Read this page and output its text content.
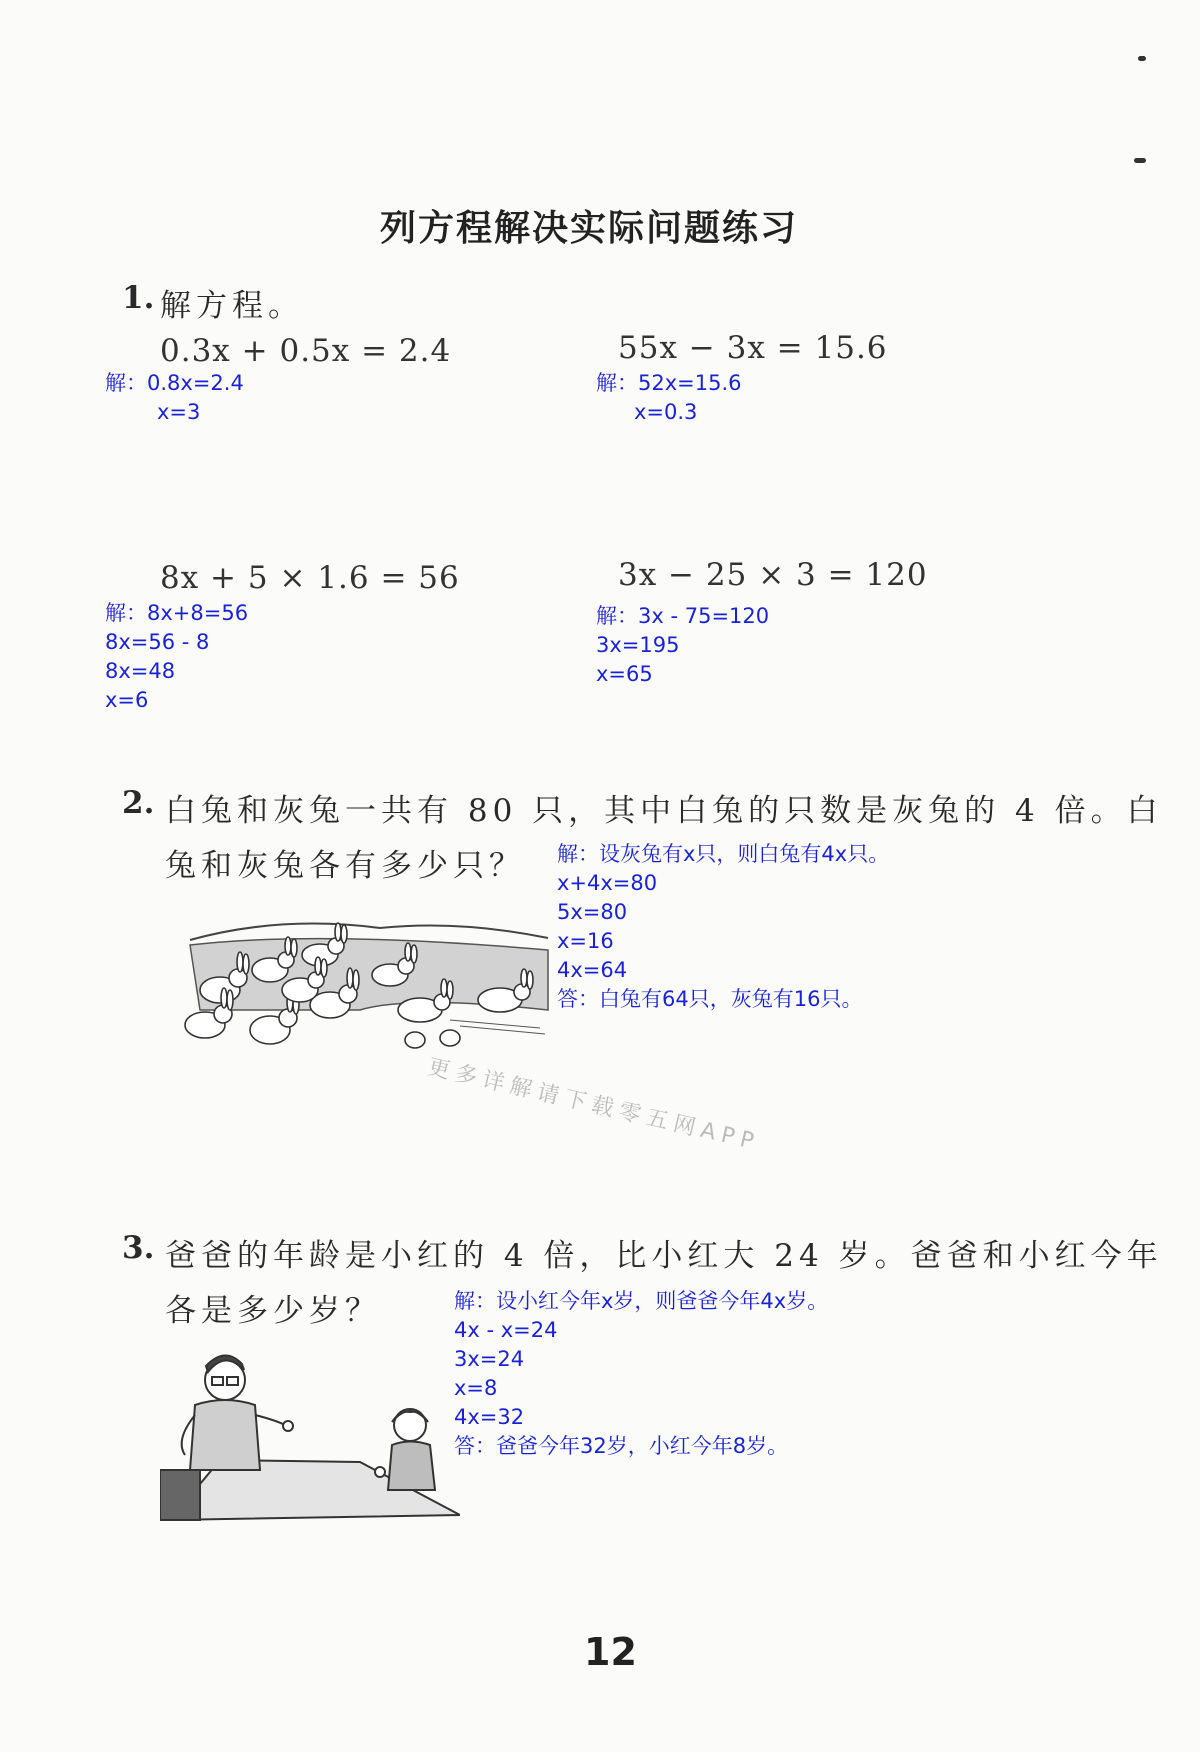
列方程解决实际问题练习
1. 解方程。
0.3x + 0.5x = 2.4
解：0.8x=2.4
x=3
55x − 3x = 15.6
解：52x=15.6
x=0.3
8x + 5 × 1.6 = 56
解：8x+8=56
8x=56 - 8
8x=48
x=6
3x − 25 × 3 = 120
解：3x - 75=120
3x=195
x=65
2. 白兔和灰兔一共有 80 只，其中白兔的只数是灰兔的 4 倍。白
兔和灰兔各有多少只？ 解：设灰兔有x只，则白兔有4x只。
x+4x=80
5x=80
x=16
4x=64
答：白兔有64只，灰兔有16只。
更多详解请下载零五网APP
3. 爸爸的年龄是小红的 4 倍，比小红大 24 岁。爸爸和小红今年
各是多少岁？	解：设小红今年x岁，则爸爸今年4x岁。
4x - x=24
3x=24
x=8
4x=32
答：爸爸今年32岁，小红今年8岁。
12
